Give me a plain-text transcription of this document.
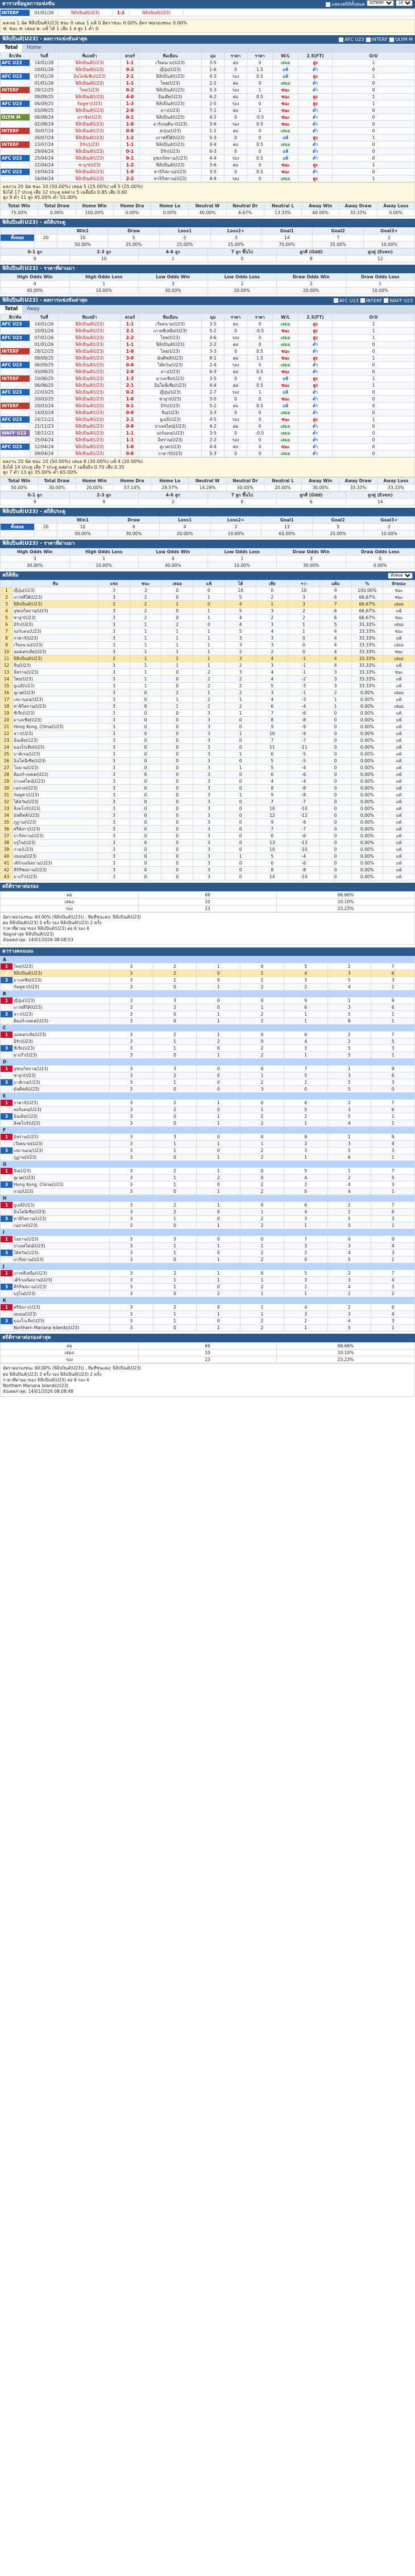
ตารางข้อมูลการแข่งขัน	แสดงสถิติทั้งหมด
INTERF
10
INTERF	01/01/26	ฟิลิปปินส์(U23)	1-1	ฟิลิปปินส์(U23)	
ผลเจอ 1 นัด ฟิลิปปินส์(U23) ชนะ 0 เสมอ 1 แพ้ 0 อัตราชนะ 0.00% อัตราต่อรองชนะ 0.00%
ฟ: ชนะ ส: เสมอ พ: แพ้ ได้ 1 เสีย 1 ส สูง 1 ต่ำ 0
ฟิลิปปินส์(U23) - ผลการแข่งขันล่าสุด	AFC U23 INTERF OLYM M
Total	Home
ลีก/คัพ	วันที่	ทีมเหย้า	สกอร์	ทีมเยือน	มุม	ราคา	ราคา	W/L	2.5(FT)	O/U
AFC U23	14/01/26	ฟิลิปปินส์(U23)	1-1	เวียดนาม(U23)	3-5	ต่อ	0	เสมอ	สูง	1
AFC U23	10/01/26	ฟิลิปปินส์(U23)	0-2	ญี่ปุ่น(U23)	1-6	0	1.5	แพ้	ต่ำ	0
AFC U23	07/01/26	อินโดนีเซีย(U23)	2-1	ฟิลิปปินส์(U23)	4-3	รอง	0.5	แพ้	สูง	1
INTERF	01/01/26	ฟิลิปปินส์(U23)	1-1	ไทย(U23)	2-2	ต่อ	0	เสมอ	ต่ำ	0
INTERF	28/12/25	ไทย(U23)	0-2	ฟิลิปปินส์(U23)	5-3	รอง	1	ชนะ	ต่ำ	0
AFC U23	09/09/25	ฟิลิปปินส์(U23)	4-0	อินเดีย(U23)	6-2	ต่อ	0.5	ชนะ	สูง	1
AFC U23	06/09/25	กัมพูชา(U23)	1-3	ฟิลิปปินส์(U23)	2-5	รอง	0	ชนะ	สูง	1
AFC U23	03/09/25	ฟิลิปปินส์(U23)	2-0	ลาว(U23)	7-1	ต่อ	1	ชนะ	ต่ำ	0
OLYM M	06/08/24	บราซิล(U23)	0-1	ฟิลิปปินส์(U23)	4-2	0	-0.5	ชนะ	ต่ำ	0
OLYM M	02/08/24	ฟิลิปปินส์(U23)	1-0	อาร์เจนตินา(U23)	3-6	รอง	0.5	ชนะ	ต่ำ	0
INTERF	30/07/24	ฟิลิปปินส์(U23)	0-0	สเปน(U23)	1-1	ต่อ	0	เสมอ	ต่ำ	0
INTERF	26/07/24	ฟิลิปปินส์(U23)	1-2	เกาหลีใต้(U23)	5-3	0	0	แพ้	สูง	1
INTERF	23/07/24	อิรัก(U23)	1-1	ฟิลิปปินส์(U23)	4-4	ต่อ	0.5	เสมอ	ต่ำ	0
INTERF	29/04/24	ฟิลิปปินส์(U23)	0-1	อิรัก(U23)	6-3	0	0	แพ้	ต่ำ	0
AFC U23	25/04/24	ฟิลิปปินส์(U23)	0-1	อุซเบกิสถาน(U23)	4-4	รอง	0.5	แพ้	ต่ำ	0
AFC U23	22/04/24	ซาอุฯ(U23)	1-2	ฟิลิปปินส์(U23)	3-6	ต่อ	0	ชนะ	สูง	1
AFC U23	19/04/24	ฟิลิปปินส์(U23)	1-0	ทาจิกิสถาน(U23)	3-5	0	0.5	ชนะ	ต่ำ	0
AFC U23	16/04/24	ฟิลิปปินส์(U23)	2-2	ทาจิกิสถาน(U23)	4-4	รอง	0	เสมอ	สูง	1
ผลงาน 20 นัด ชนะ 10 (50.00%) เสมอ 5 (25.00%) แพ้ 5 (25.00%)
ยิงได้ 17 ประตู เสีย 12 ประตู ผลต่าง 5 เฉลี่ยยิง 0.85 เสีย 0.60
สูง 9 ต่ำ 11 สูง 45.00% ต่ำ 55.00%
Total Win	Total Draw	Home Win	Home Dra	Home Lo	Neutral W	Neutral Dr	Neutral L	Away Win	Away Draw	Away Loss
75.00%	0.00%	100.00%	0.00%	0.00%	40.00%	6.67%	13.33%	60.00%	33.33%	0.00%
ฟิลิปปินส์(U23) - สถิติประตู
		Win1	Draw	Loss1	Loss2+	Goal1	Goal2	Goal3+
ทั้งหมด	20	10	5	5	3	14	7	2
		50.00%	25.00%	25.00%	15.00%	70.00%	35.00%	10.00%
0-1 ลูก	2-3 ลูก	4-6 ลูก	7 ลูก ขึ้นไป	ลูกคี่ (Odd)	ลูกคู่ (Even)
9	10	1	0	8	12
ฟิลิปปินส์(U23) - ราคาที่ผ่านมา
High Odds Win	High Odds Loss	Low Odds Win	Low Odds Loss	Draw Odds Win	Draw Odds Loss
4	1	3	2	2	1
40.00%	10.00%	30.00%	20.00%	20.00%	10.00%
ฟิลิปปินส์(U23) - ผลการแข่งขันล่าสุด	AFC U23 INTERF WAFF U23
Total	Away
ลีก/คัพ	วันที่	ทีมเหย้า	สกอร์	ทีมเยือน	มุม	ราคา	ราคา	W/L	2.5(FT)	O/U
AFC U23	14/01/26	ฟิลิปปินส์(U23)	1-1	เวียดนาม(U23)	3-5	ต่อ	0	เสมอ	สูง	1
AFC U23	10/01/26	ฟิลิปปินส์(U23)	2-1	เกาหลีเหนือ(U23)	5-2	0	-0.5	ชนะ	สูง	1
AFC U23	07/01/26	ฟิลิปปินส์(U23)	2-2	ไทย(U23)	4-6	รอง	0	เสมอ	สูง	1
INTERF	01/01/26	ฟิลิปปินส์(U23)	1-1	ฟิลิปปินส์(U23)	2-2	ต่อ	0	เสมอ	ต่ำ	0
INTERF	28/12/25	ฟิลิปปินส์(U23)	1-0	ไทย(U23)	3-3	0	0.5	ชนะ	ต่ำ	0
AFC U23	09/09/25	ฟิลิปปินส์(U23)	3-0	มัลดีฟส์(U23)	8-1	ต่อ	1.5	ชนะ	สูง	1
AFC U23	06/09/25	ฟิลิปปินส์(U23)	0-0	ไต้หวัน(U23)	2-4	รอง	0	เสมอ	ต่ำ	0
AFC U23	03/09/25	ฟิลิปปินส์(U23)	2-0	ลาว(U23)	6-3	ต่อ	0.5	ชนะ	ต่ำ	0
INTERF	10/06/25	ฟิลิปปินส์(U23)	1-3	มาเลเซีย(U23)	3-5	0	0	แพ้	สูง	1
INTERF	06/06/25	ฟิลิปปินส์(U23)	2-1	อินโดนีเซีย(U23)	4-4	ต่อ	0.5	ชนะ	สูง	1
AFC U23	22/03/25	ฟิลิปปินส์(U23)	0-2	ญี่ปุ่น(U23)	2-7	รอง	1	แพ้	ต่ำ	0
AFC U23	20/03/25	ฟิลิปปินส์(U23)	1-0	ซาอุฯ(U23)	3-5	0	0	ชนะ	ต่ำ	0
INTERF	20/03/24	ฟิลิปปินส์(U23)	0-1	อิรัก(U23)	5-2	ต่อ	0.5	แพ้	ต่ำ	0
INTERF	14/03/24	ฟิลิปปินส์(U23)	0-0	จีน(U23)	3-3	0	0	เสมอ	ต่ำ	0
AFC U23	24/11/23	ฟิลิปปินส์(U23)	2-1	ยูเออี(U23)	4-5	รอง	0	ชนะ	สูง	1
WAFF U23	21/11/23	ฟิลิปปินส์(U23)	0-0	ปาเลสไตน์(U23)	4-2	ต่อ	0	เสมอ	ต่ำ	0
WAFF U23	18/11/23	ฟิลิปปินส์(U23)	1-1	จอร์แดน(U23)	3-5	0	-0.5	เสมอ	ต่ำ	0
AFC U23	15/04/24	ฟิลิปปินส์(U23)	1-1	อิหร่าน(U23)	2-2	รอง	0	เสมอ	ต่ำ	0
AFC U23	12/04/24	ฟิลิปปินส์(U23)	1-0	คูเวต(U23)	4-4	ต่อ	0	ชนะ	ต่ำ	0
AFC U23	09/04/24	ฟิลิปปินส์(U23)	0-0	กาตาร์(U23)	5-3	0	0	เสมอ	ต่ำ	0
ผลงาน 20 นัด ชนะ 10 (50.00%) เสมอ 6 (30.00%) แพ้ 4 (20.00%)
ยิงได้ 14 ประตู เสีย 7 ประตู ผลต่าง 7 เฉลี่ยยิง 0.70 เสีย 0.35
สูง 7 ต่ำ 13 สูง 35.00% ต่ำ 65.00%
Total Win	Total Draw	Home Win	Home Dra	Home Lo	Neutral W	Neutral Dr	Neutral L	Away Win	Away Draw	Away Loss
50.00%	30.00%	20.00%	57.14%	28.57%	14.29%	50.00%	20.00%	30.00%	33.33%	33.33%
0-1 ลูก	2-3 ลูก	4-6 ลูก	7 ลูก ขึ้นไป	ลูกคี่ (Odd)	ลูกคู่ (Even)
9	9	2	0	6	14
ฟิลิปปินส์(U23) - สถิติประตู
		Win1	Draw	Loss1	Loss2+	Goal1	Goal2	Goal3+
ทั้งหมด	20	10	6	4	2	13	5	2
		50.00%	30.00%	20.00%	10.00%	65.00%	25.00%	10.00%
ฟิลิปปินส์(U23) - ราคาที่ผ่านมา
High Odds Win	High Odds Loss	Low Odds Win	Low Odds Loss	Draw Odds Win	Draw Odds Loss
3	1	4	1	3	0
30.00%	10.00%	40.00%	10.00%	30.00%	0.00%
สถิติทีม
ทั้งหมด
	ทีม	แข่ง	ชนะ	เสมอ	แพ้	ได้	เสีย	+/-	แต้ม	%	ลักษณะ
1	ญี่ปุ่น(U23)	3	3	0	0	10	0	10	9	100.00%	ชนะ
2	เกาหลีใต้(U23)	3	2	0	1	5	2	3	6	66.67%	ชนะ
3	ฟิลิปปินส์(U23)	3	2	1	0	4	1	3	7	66.67%	เสมอ
4	อุซเบกิสถาน(U23)	3	2	0	1	5	3	2	6	66.67%	แพ้
5	ซาอุฯ(U23)	3	2	0	1	4	2	2	6	66.67%	ชนะ
6	อิรัก(U23)	3	1	2	0	4	3	1	5	33.33%	เสมอ
7	จอร์แดน(U23)	3	1	1	1	5	4	1	4	33.33%	ชนะ
8	กาตาร์(U23)	3	1	1	1	3	3	0	4	33.33%	แพ้
9	เวียดนาม(U23)	3	1	1	1	3	3	0	4	33.33%	เสมอ
10	ออสเตรเลีย(U23)	3	1	1	1	2	2	0	4	33.33%	ชนะ
11	ฟิลิปปินส์(U23)	3	1	1	1	3	4	-1	4	33.33%	เสมอ
12	จีน(U23)	3	1	1	1	2	3	-1	4	33.33%	แพ้
13	อิหร่าน(U23)	3	1	0	2	3	4	-1	3	33.33%	ชนะ
14	ไทย(U23)	3	1	0	2	2	4	-2	3	33.33%	แพ้
15	ยูเออี(U23)	3	1	0	2	2	5	-3	3	33.33%	แพ้
16	คูเวต(U23)	3	0	2	1	2	3	-1	2	0.00%	เสมอ
17	เลบานอน(U23)	3	0	1	2	1	4	-3	1	0.00%	แพ้
18	ทาจิกิสถาน(U23)	3	0	1	2	2	6	-4	1	0.00%	เสมอ
19	ซีเรีย(U23)	3	0	0	3	1	7	-6	0	0.00%	แพ้
20	มาเลเซีย(U23)	3	0	0	3	0	8	-8	0	0.00%	แพ้
21	Hong Kong, China(U23)	3	0	0	3	0	9	-9	0	0.00%	แพ้
22	ลาว(U23)	3	0	0	3	1	10	-9	0	0.00%	แพ้
23	อินเดีย(U23)	3	0	0	3	0	7	-7	0	0.00%	แพ้
24	มองโกเลีย(U23)	3	0	0	3	0	11	-11	0	0.00%	แพ้
25	บาห์เรน(U23)	3	0	0	3	1	6	-5	0	0.00%	แพ้
26	อินโดนีเซีย(U23)	3	0	0	3	0	5	-5	0	0.00%	แพ้
27	โอมาน(U23)	3	0	0	3	1	5	-4	0	0.00%	แพ้
28	ติมอร์-เลสเต(U23)	3	0	0	3	0	6	-6	0	0.00%	แพ้
29	ปาเลสไตน์(U23)	3	0	0	3	0	4	-4	0	0.00%	แพ้
30	เนปาล(U23)	3	0	0	3	0	8	-8	0	0.00%	แพ้
31	กัมพูชา(U23)	3	0	0	3	1	9	-8	0	0.00%	แพ้
32	ไต้หวัน(U23)	3	0	0	3	0	7	-7	0	0.00%	แพ้
33	สิงคโปร์(U23)	3	0	0	3	0	10	-10	0	0.00%	แพ้
34	มัลดีฟส์(U23)	3	0	0	3	0	12	-12	0	0.00%	แพ้
35	ภูฏาน(U23)	3	0	0	3	0	9	-9	0	0.00%	แพ้
36	ศรีลังกา(U23)	3	0	0	3	0	7	-7	0	0.00%	แพ้
37	ปากีสถาน(U23)	3	0	0	3	0	6	-6	0	0.00%	แพ้
38	บรูไน(U23)	3	0	0	3	0	13	-13	0	0.00%	แพ้
39	กวม(U23)	3	0	0	3	0	10	-10	0	0.00%	แพ้
40	เยเมน(U23)	3	0	0	3	1	5	-4	0	0.00%	แพ้
41	เติร์กเมนิสถาน(U23)	3	0	0	3	0	6	-6	0	0.00%	แพ้
42	คีร์กีซสถาน(U23)	3	0	0	3	0	8	-8	0	0.00%	แพ้
43	มาเก๊า(U23)	3	0	0	3	0	14	-14	0	0.00%	แพ้
สถิติราคาต่อรอง
ต่อ	66	66.66%
เสมอ	10	10.10%
รอง	23	23.23%
อัตราต่อรองชนะ 60.00% (ฟิลิปปินส์(U23)) , ทีมที่ชนะต่อ: ฟิลิปปินส์(U23)
ต่อ ฟิลิปปินส์(U23) 3 ครั้ง รอง ฟิลิปปินส์(U23) 2 ครั้ง
ราคาที่ผ่านมาของ ฟิลิปปินส์(U23) ต่อ 6 รอง 4
ข้อมูลล่าสุด ฟิลิปปินส์(U23)
อัปเดตล่าสุด: 14/01/2026 08:08:53
ตารางคะแนน
A								
1	ไทย(U23)	3	2	1	0	5	2	7
2	ฟิลิปปินส์(U23)	3	2	0	1	4	3	6
3	มาเลเซีย(U23)	3	1	0	2	3	5	3
4	กัมพูชา(U23)	3	0	1	2	2	4	1
B								
1	ญี่ปุ่น(U23)	3	3	0	0	9	1	9
2	เกาหลีใต้(U23)	3	2	0	1	6	3	6
3	ลาว(U23)	3	0	1	2	1	5	1
4	ติมอร์-เลสเต(U23)	3	0	1	2	1	8	1
C								
1	ออสเตรเลีย(U23)	3	2	1	0	6	2	7
2	อิรัก(U23)	3	1	2	0	4	2	5
3	ซีเรีย(U23)	3	1	0	2	3	5	3
4	มาเก๊า(U23)	3	0	1	2	1	5	1
D								
1	อุซเบกิสถาน(U23)	3	3	0	0	7	1	9
2	ซาอุฯ(U23)	3	2	0	1	5	3	6
3	บาห์เรน(U23)	3	1	0	2	2	5	3
4	มัลดีฟส์(U23)	3	0	0	3	0	5	0
E								
1	กาตาร์(U23)	3	2	1	0	6	2	7
2	จอร์แดน(U23)	3	2	0	1	5	3	6
3	อินเดีย(U23)	3	0	1	2	2	5	1
4	สิงคโปร์(U23)	3	0	1	2	1	4	1
F								
1	อิหร่าน(U23)	3	3	0	0	8	1	9
2	เวียดนาม(U23)	3	1	1	1	3	3	4
3	เลบานอน(U23)	3	1	0	2	3	5	3
4	ภูฏาน(U23)	3	0	1	2	1	6	1
G								
1	จีน(U23)	3	2	1	0	5	1	7
2	คูเวต(U23)	3	1	2	0	4	2	5
3	Hong Kong, China(U23)	3	1	0	2	2	4	3
4	กวม(U23)	3	0	1	2	0	4	1
H								
1	ยูเออี(U23)	3	2	1	0	6	2	7
2	อินโดนีเซีย(U23)	3	2	0	1	4	2	6
3	ทาจิกิสถาน(U23)	3	1	0	2	3	5	3
4	เนปาล(U23)	3	0	1	2	1	5	1
I								
1	โอมาน(U23)	3	3	0	0	7	0	9
2	ปาเลสไตน์(U23)	3	1	1	1	3	3	4
3	ไต้หวัน(U23)	3	1	0	2	2	4	3
4	ปากีสถาน(U23)	3	0	1	2	0	5	1
J								
1	เกาหลีเหนือ(U23)	3	2	1	0	5	2	7
2	เติร์กเมนิสถาน(U23)	3	1	1	1	3	3	4
3	คีร์กีซสถาน(U23)	3	1	0	2	2	4	3
4	บรูไน(U23)	3	0	2	1	1	2	2
K								
1	ศรีลังกา(U23)	3	2	0	1	4	2	6
2	เยเมน(U23)	3	1	1	1	3	3	4
3	มองโกเลีย(U23)	3	1	0	2	2	4	3
4	Northern Mariana Islands(U23)	3	0	1	2	1	5	1
สถิติราคาต่อรองล่าสุด
ต่อ	66	66.66%
เสมอ	10	10.10%
รอง	23	23.23%
อัตราต่อรองชนะ 60.00% (ฟิลิปปินส์(U23)) , ทีมที่ชนะต่อ: ฟิลิปปินส์(U23)
ต่อ ฟิลิปปินส์(U23) 3 ครั้ง รอง ฟิลิปปินส์(U23) 2 ครั้ง
ราคาที่ผ่านมาของ ฟิลิปปินส์(U23) ต่อ 6 รอง 4
Northern Mariana Islands(U23)
อัปเดตล่าสุด: 14/01/2026 08:08:48
